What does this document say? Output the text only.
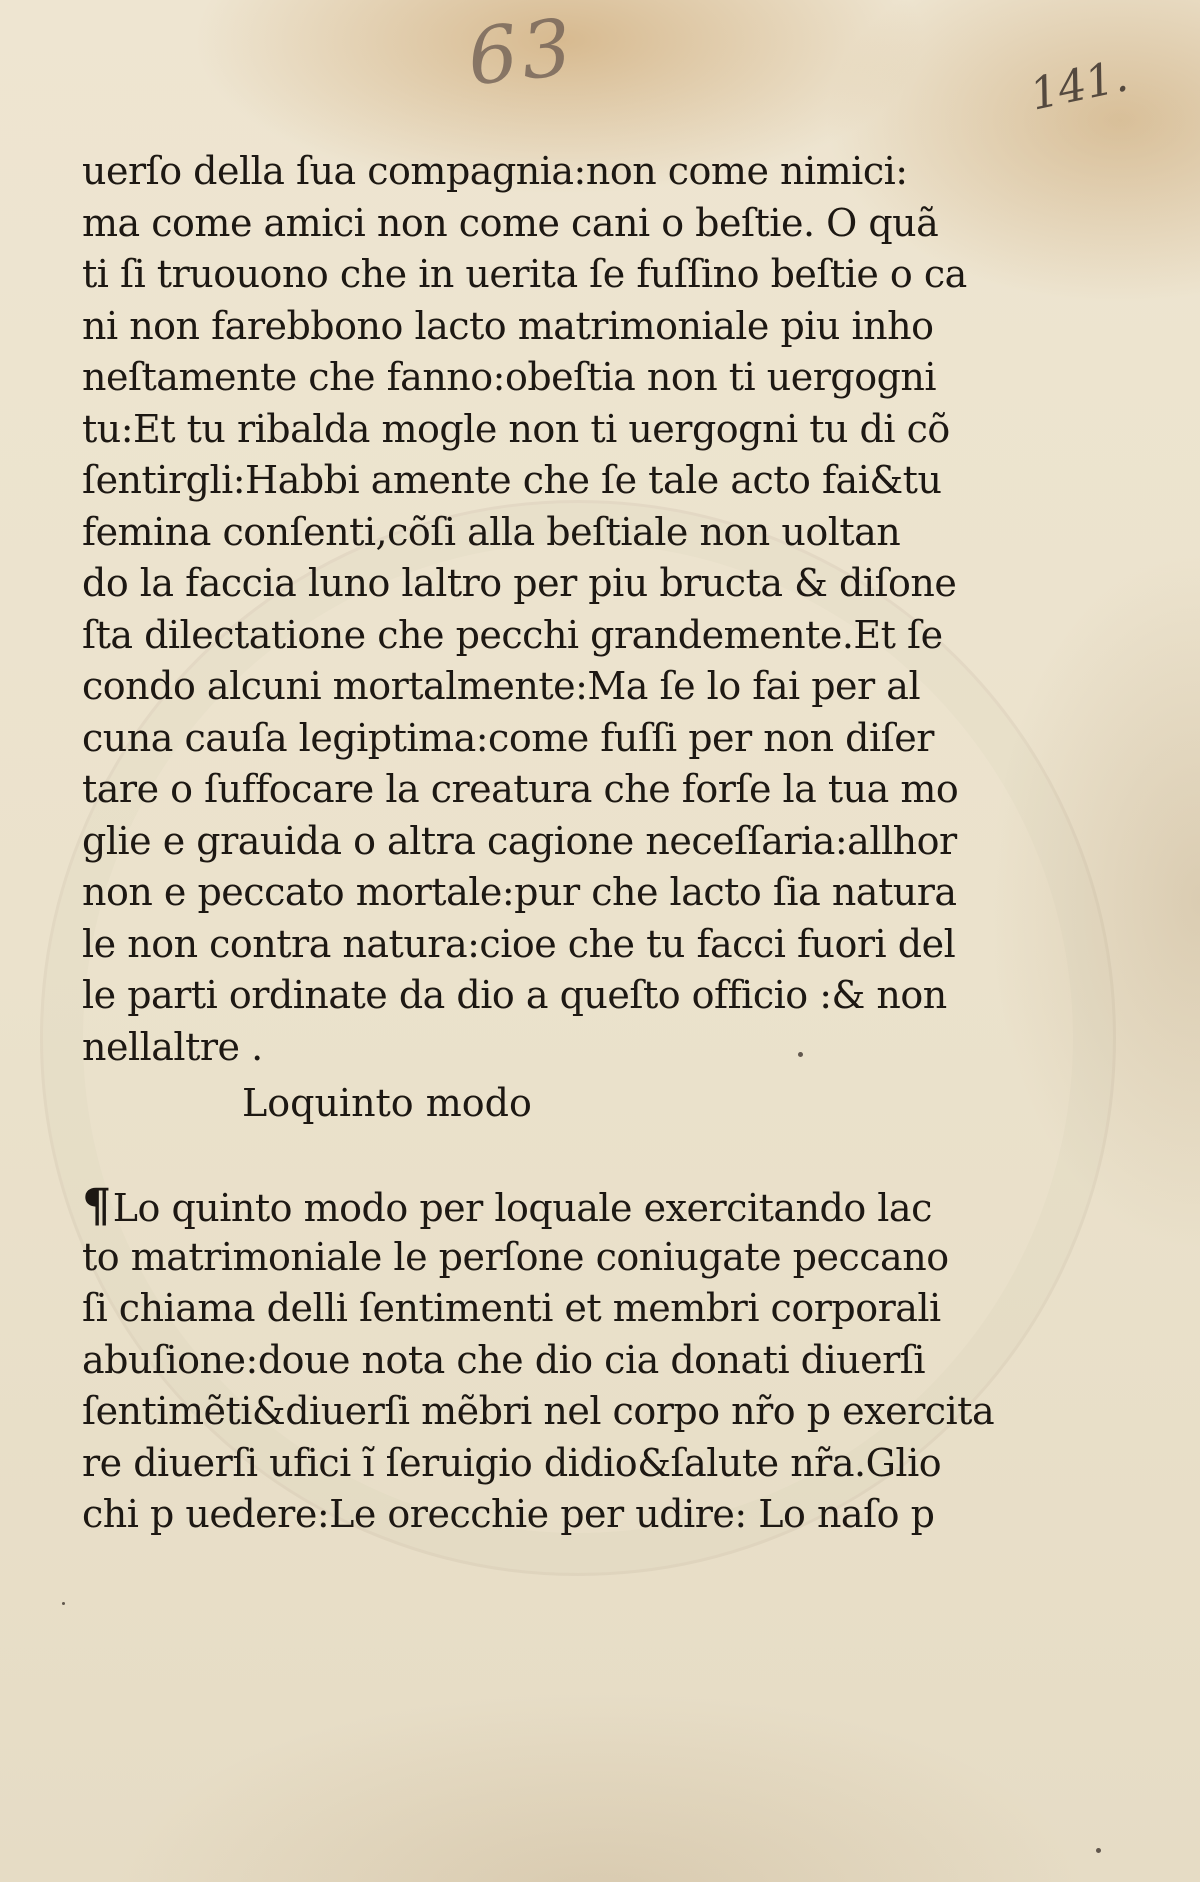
63	141.
uerſo della ſua compagnia:non come nimici:
ma come amici non come cani o beſtie. O quã
ti ſi truouono che in uerita ſe fuſſino beſtie o ca
ni non farebbono lacto matrimoniale piu inho
neſtamente che fanno:obeſtia non ti uergogni
tu:Et tu ribalda mogle non ti uergogni tu di cõ
ſentirgli:Habbi amente che ſe tale acto fai&tu
femina conſenti,cõſi alla beſtiale non uoltan
do la faccia luno laltro per piu bructa & diſone
ſta dilectatione che pecchi grandemente.Et ſe
condo alcuni mortalmente:Ma ſe lo fai per al
cuna cauſa legiptima:come fuſſi per non diſer
tare o ſuffocare la creatura che forſe la tua mo
glie e grauida o altra cagione neceſſaria:allhor
non e peccato mortale:pur che lacto ſia natura
le non contra natura:cioe che tu facci fuori del
le parti ordinate da dio a queſto officio :& non
nellaltre .
Loquinto modo
¶Lo quinto modo per loquale exercitando lac
to matrimoniale le perſone coniugate peccano
ſi chiama delli ſentimenti et membri corporali
abuſione:doue nota che dio cia donati diuerſi
ſentimẽti&diuerſi mẽbri nel corpo nr̃o p exercita
re diuerſi ufici ĩ ſeruigio didio&ſalute nr̃a.Glio
chi p uedere:Le orecchie per udire: Lo naſo p
